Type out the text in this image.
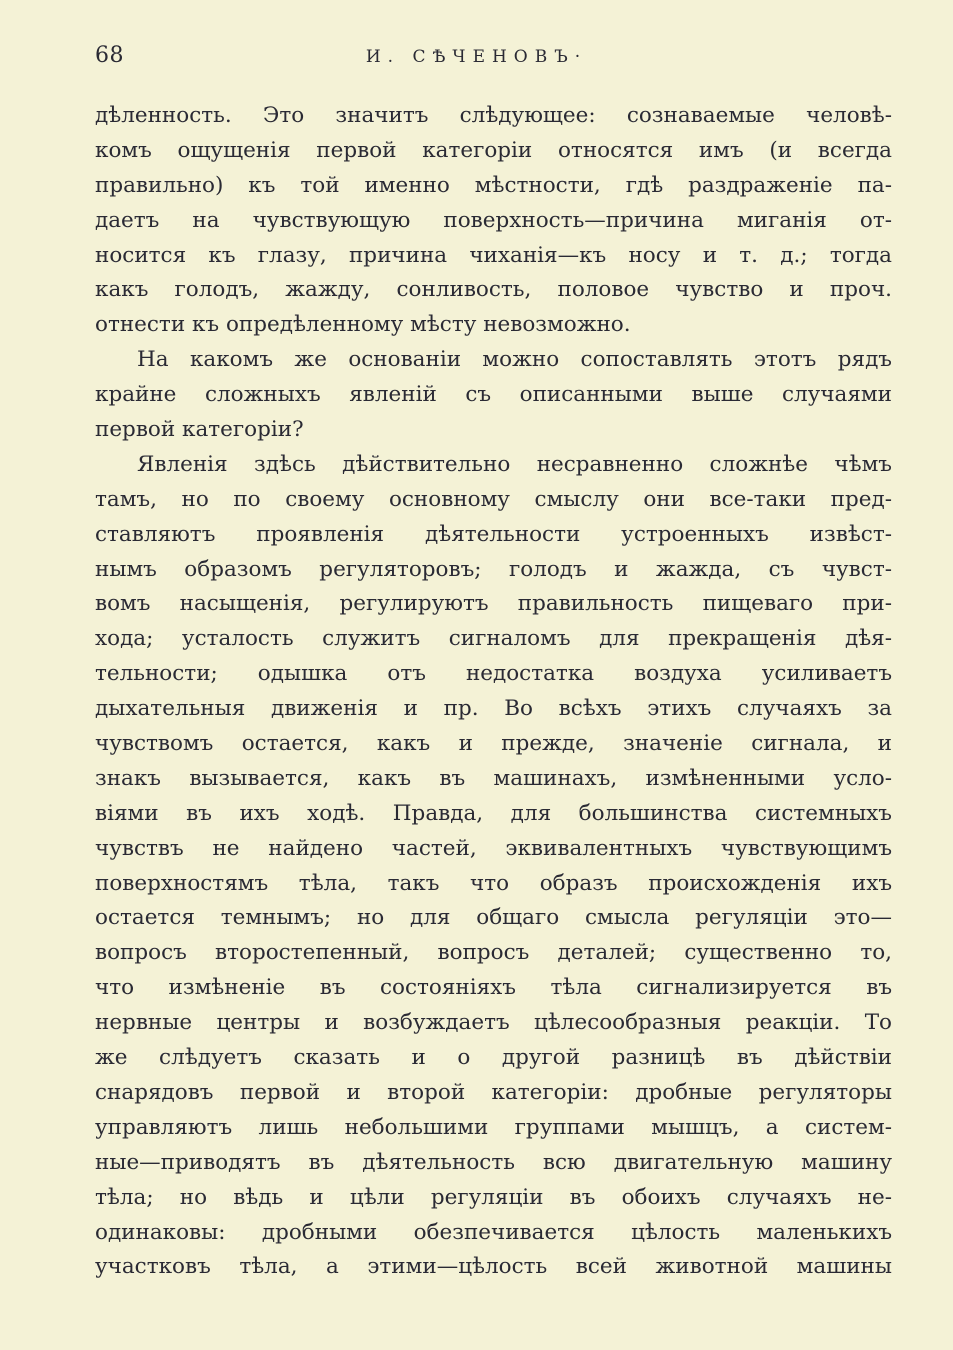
68	И. СѢЧЕНОВЪ·
дѣленность. Это значитъ слѣдующее: сознаваемые человѣ-
комъ ощущенія первой категоріи относятся имъ (и всегда
правильно) къ той именно мѣстности, гдѣ раздраженіе па-
даетъ на чувствующую поверхность—причина миганія от-
носится къ глазу, причина чиханія—къ носу и т. д.; тогда
какъ голодъ, жажду, сонливость, половое чувство и проч.
отнести къ опредѣленному мѣсту невозможно.
На какомъ же основаніи можно сопоставлять этотъ рядъ
крайне сложныхъ явленій съ описанными выше случаями
первой категоріи?
Явленія здѣсь дѣйствительно несравненно сложнѣе чѣмъ
тамъ, но по своему основному смыслу они все-таки пред-
ставляютъ проявленія дѣятельности устроенныхъ извѣст-
нымъ образомъ регуляторовъ; голодъ и жажда, съ чувст-
вомъ насыщенія, регулируютъ правильность пищеваго при-
хода; усталость служитъ сигналомъ для прекращенія дѣя-
тельности; одышка отъ недостатка воздуха усиливаетъ
дыхательныя движенія и пр. Во всѣхъ этихъ случаяхъ за
чувствомъ остается, какъ и прежде, значеніе сигнала, и
знакъ вызывается, какъ въ машинахъ, измѣненными усло-
віями въ ихъ ходѣ. Правда, для большинства системныхъ
чувствъ не найдено частей, эквивалентныхъ чувствующимъ
поверхностямъ тѣла, такъ что образъ происхожденія ихъ
остается темнымъ; но для общаго смысла регуляціи это—
вопросъ второстепенный, вопросъ деталей; существенно то,
что измѣненіе въ состояніяхъ тѣла сигнализируется въ
нервные центры и возбуждаетъ цѣлесообразныя реакціи. То
же слѣдуетъ сказать и о другой разницѣ въ дѣйствіи
снарядовъ первой и второй категоріи: дробные регуляторы
управляютъ лишь небольшими группами мышцъ, а систем-
ные—приводятъ въ дѣятельность всю двигательную машину
тѣла; но вѣдь и цѣли регуляціи въ обоихъ случаяхъ не-
одинаковы: дробными обезпечивается цѣлость маленькихъ
участковъ тѣла, а этими—цѣлость всей животной машины
